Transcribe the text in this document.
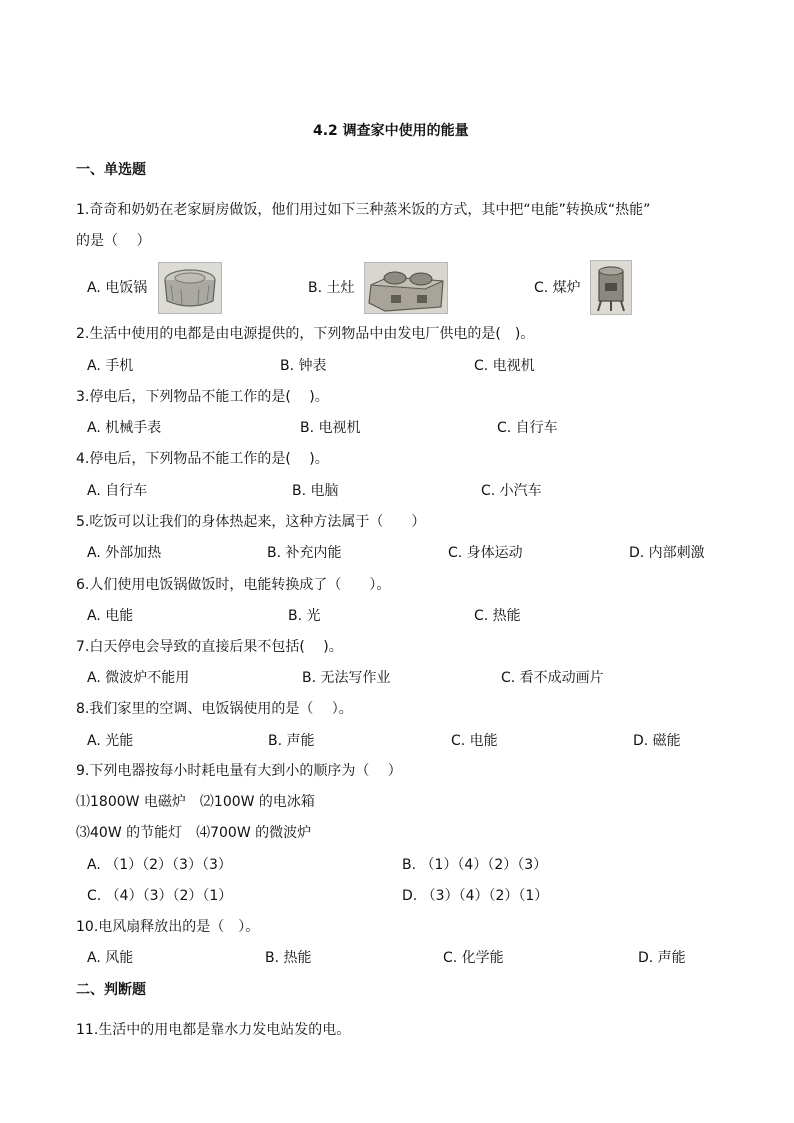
4.2 调查家中使用的能量
一、单选题
1.奇奇和奶奶在老家厨房做饭，他们用过如下三种蒸米饭的方式，其中把“电能”转换成“热能”
的是（　 ）
A. 电饭锅	B. 土灶	C. 煤炉
2.生活中使用的电都是由电源提供的，下列物品中由发电厂供电的是(　)。
A. 手机	B. 钟表	C. 电视机
3.停电后，下列物品不能工作的是(　 )。
A. 机械手表	B. 电视机	C. 自行车
4.停电后，下列物品不能工作的是(　 )。
A. 自行车	B. 电脑	C. 小汽车
5.吃饭可以让我们的身体热起来，这种方法属于（　　）
A. 外部加热	B. 补充内能	C. 身体运动	D. 内部刺激
6.人们使用电饭锅做饭时，电能转换成了（　　）。
A. 电能	B. 光	C. 热能
7.白天停电会导致的直接后果不包括(　 )。
A. 微波炉不能用	B. 无法写作业	C. 看不成动画片
8.我们家里的空调、电饭锅使用的是（　 ）。
A. 光能	B. 声能	C. 电能	D. 磁能
9.下列电器按每小时耗电量有大到小的顺序为（　 ）
⑴1800W 电磁炉　⑵100W 的电冰箱
⑶40W 的节能灯　⑷700W 的微波炉
A. （1）（2）（3）（3）	B. （1）（4）（2）（3）
C. （4）（3）（2）（1）	D. （3）（4）（2）（1）
10.电风扇释放出的是（　）。
A. 风能	B. 热能	C. 化学能	D. 声能
二、判断题
11.生活中的用电都是靠水力发电站发的电。
